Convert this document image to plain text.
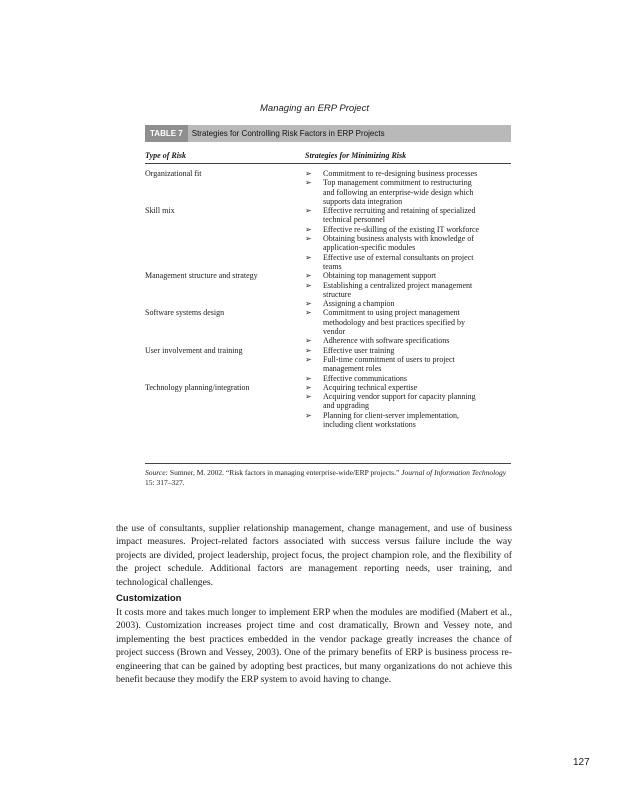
Managing an ERP Project
TABLE 7 Strategies for Controlling Risk Factors in ERP Projects
Type of Risk	Strategies for Minimizing Risk
Organizational fit	➢ Commitment to re-designing business processes
➢ Top management commitment to restructuring
and following an enterprise-wide design which
supports data integration
Skill mix	➢ Effective recruiting and retaining of specialized
technical personnel
➢ Effective re-skilling of the existing IT workforce
➢ Obtaining business analysts with knowledge of
application-specific modules
➢ Effective use of external consultants on project
teams
Management structure and strategy	➢ Obtaining top management support
➢ Establishing a centralized project management
structure
➢ Assigning a champion
Software systems design	➢ Commitment to using project management
methodology and best practices specified by
vendor
➢ Adherence with software specifications
User involvement and training	➢ Effective user training
➢ Full-time commitment of users to project
management roles
➢ Effective communications
Technology planning/integration	➢ Acquiring technical expertise
➢ Acquiring vendor support for capacity planning
and upgrading
➢ Planning for client-server implementation,
including client workstations
Source: Sumner, M. 2002. “Risk factors in managing enterprise-wide/ERP projects.” Journal of Information Technology 15: 317–327.
the use of consultants, supplier relationship management, change management, and use of business impact measures. Project-related factors associated with success versus failure include the way projects are divided, project leadership, project focus, the project champion role, and the flexibility of the project schedule. Additional factors are management reporting needs, user training, and technological challenges.
Customization
It costs more and takes much longer to implement ERP when the modules are modified (Mabert et al., 2003). Customization increases project time and cost dramatically, Brown and Vessey note, and implementing the best practices embedded in the vendor package greatly increases the chance of project success (Brown and Vessey, 2003). One of the primary benefits of ERP is business process re-engineering that can be gained by adopting best practices, but many organizations do not achieve this benefit because they modify the ERP system to avoid having to change.
127
